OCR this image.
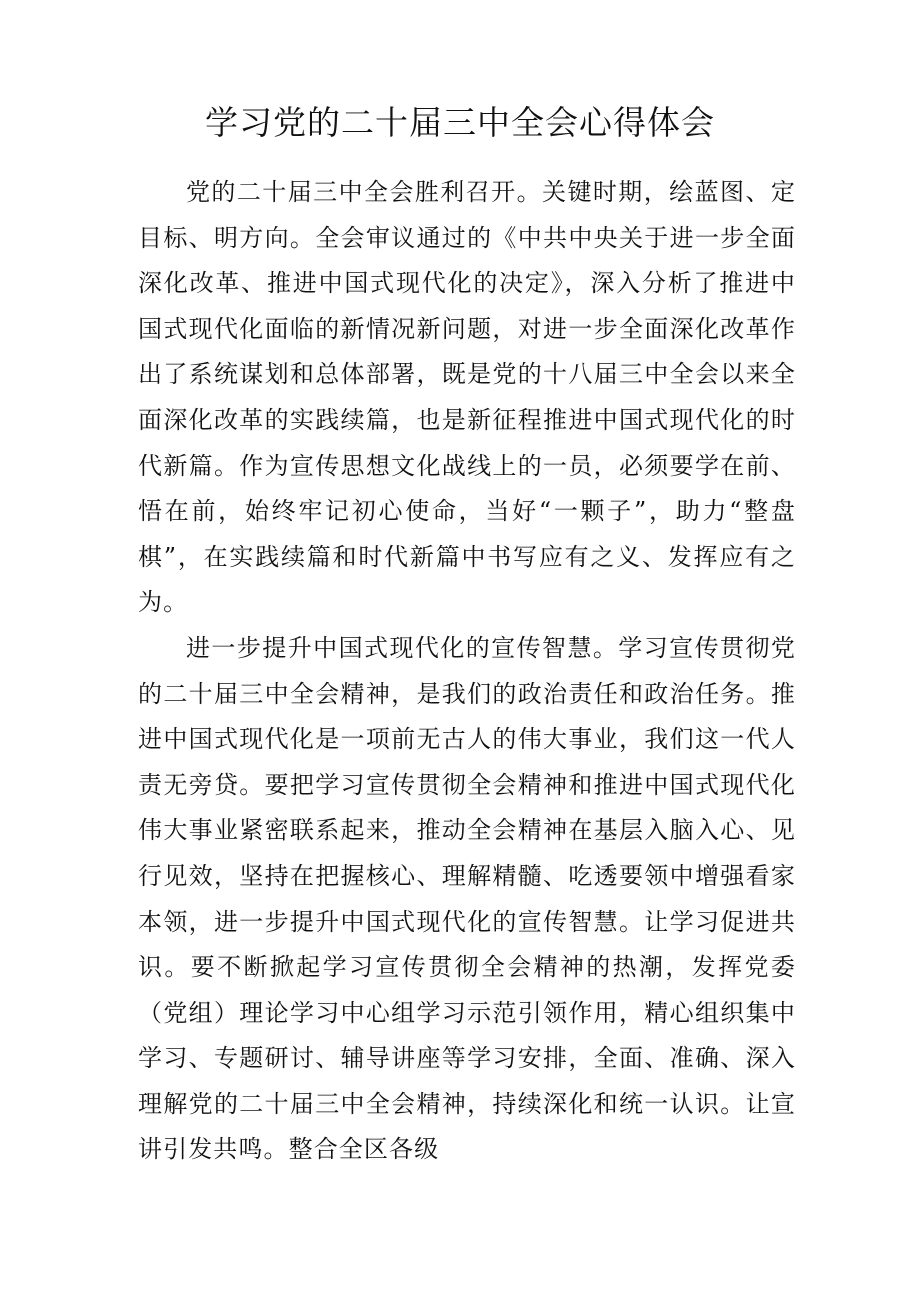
学习党的二十届三中全会心得体会

党的二十届三中全会胜利召开。关键时期，绘蓝图、定目标、明方向。全会审议通过的《中共中央关于进一步全面深化改革、推进中国式现代化的决定》，深入分析了推进中国式现代化面临的新情况新问题，对进一步全面深化改革作出了系统谋划和总体部署，既是党的十八届三中全会以来全面深化改革的实践续篇，也是新征程推进中国式现代化的时代新篇。作为宣传思想文化战线上的一员，必须要学在前、悟在前，始终牢记初心使命，当好“一颗子”，助力“整盘棋”，在实践续篇和时代新篇中书写应有之义、发挥应有之为。

进一步提升中国式现代化的宣传智慧。学习宣传贯彻党的二十届三中全会精神，是我们的政治责任和政治任务。推进中国式现代化是一项前无古人的伟大事业，我们这一代人责无旁贷。要把学习宣传贯彻全会精神和推进中国式现代化伟大事业紧密联系起来，推动全会精神在基层入脑入心、见行见效，坚持在把握核心、理解精髓、吃透要领中增强看家本领，进一步提升中国式现代化的宣传智慧。让学习促进共识。要不断掀起学习宣传贯彻全会精神的热潮，发挥党委（党组）理论学习中心组学习示范引领作用，精心组织集中学习、专题研讨、辅导讲座等学习安排，全面、准确、深入理解党的二十届三中全会精神，持续深化和统一认识。让宣讲引发共鸣。整合全区各级
